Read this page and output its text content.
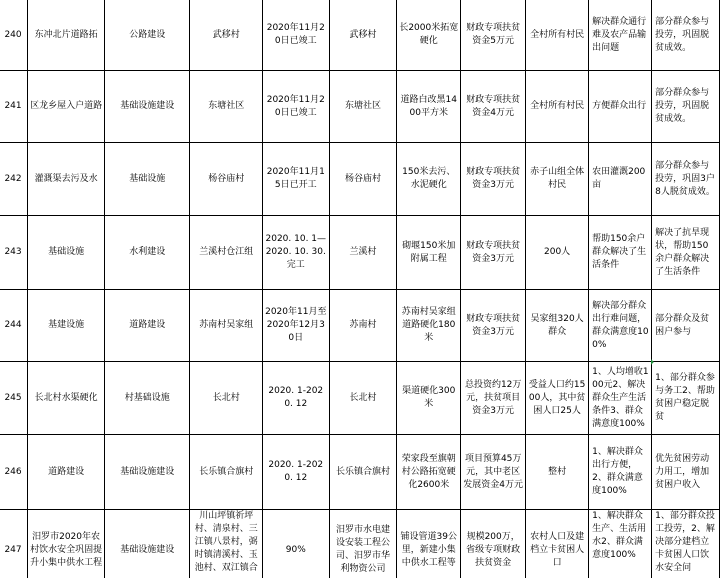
240	东冲北片道路拓	公路建设	武移村	2020年11月20日已竣工	武移村	长2000米拓宽硬化	财政专项扶贫资金5万元	全村所有村民	解决群众通行难及农产品输出问题	部分群众参与投劳，巩固脱贫成效。

241	区龙乡屋入户道路	基础设施建设	东塘社区	2020年11月20日已竣工	东塘社区	道路白改黑1400平方米	财政专项扶贫资金4万元	全村所有村民	方便群众出行	部分群众参与投劳，巩固脱贫成效。

242	灌溉渠去污及水	基础设施	杨谷庙村	2020年11月15日已开工	杨谷庙村	150米去污、水泥硬化	财政专项扶贫资金3万元	赤子山组全体村民	农田灌溉200亩	部分群众参与投劳，巩固3户8人脱贫成效。

243	基础设施	水利建设	兰溪村仓江组	2020. 10. 1—2020. 10. 30. 完工	兰溪村	砌堰150米加附属工程	财政专项扶贫资金3万元	200人	帮助150余户群众解决了生活条件	解决了抗旱现状，帮助150余户群众解决了生活条件

244	基建设施	道路建设	苏南村吴家组	2020年11月至2020年12月30日	苏南村	苏南村吴家组道路硬化180米	财政专项扶贫资金3万元	吴家组320人群众	解决部分群众出行难问题，群众满意度100%	部分群众及贫困户参与

245	长北村水渠硬化	村基础设施	长北村	2020. 1-2020. 12	长北村	渠道硬化300米	总投资约12万元，扶贫项目资金3万元	受益人口约1500人，其中贫困人口25人	1、人均增收100元2、解决群众生产生活条件3、群众满意度100%	1、部分群众参与务工2、帮助贫困户稳定脱贫

246	道路建设	基础设施建设	长乐镇合旗村	2020. 1-2020. 12	长乐镇合旗村	荣家段至旗朝村公路拓宽硬化2600米	项目预算45万元，其中老区发展资金4万元	整村	1、解决群众出行方便，2、群众满意度100%	优先贫困劳动力用工，增加贫困户收入

247	汨罗市2020年农村饮水安全巩固提升小集中供水工程	基础设施建设	川山坪镇祈坪村、清泉村、三江镇八景村，弼时镇清溪村、玉池村、双江镇合	90%	汨罗市水电建设安装工程公司、汨罗市华利物资公司	铺设管道39公里，新建小集中供水工程等	规模200万，省级专项财政扶贫资金	农村人口及建档立卡贫困人口	1、解决群众生产、生活用水2、群众满意度100%	1、部分群众投工投劳，2、解决部分建档立卡贫困人口饮水安全问
